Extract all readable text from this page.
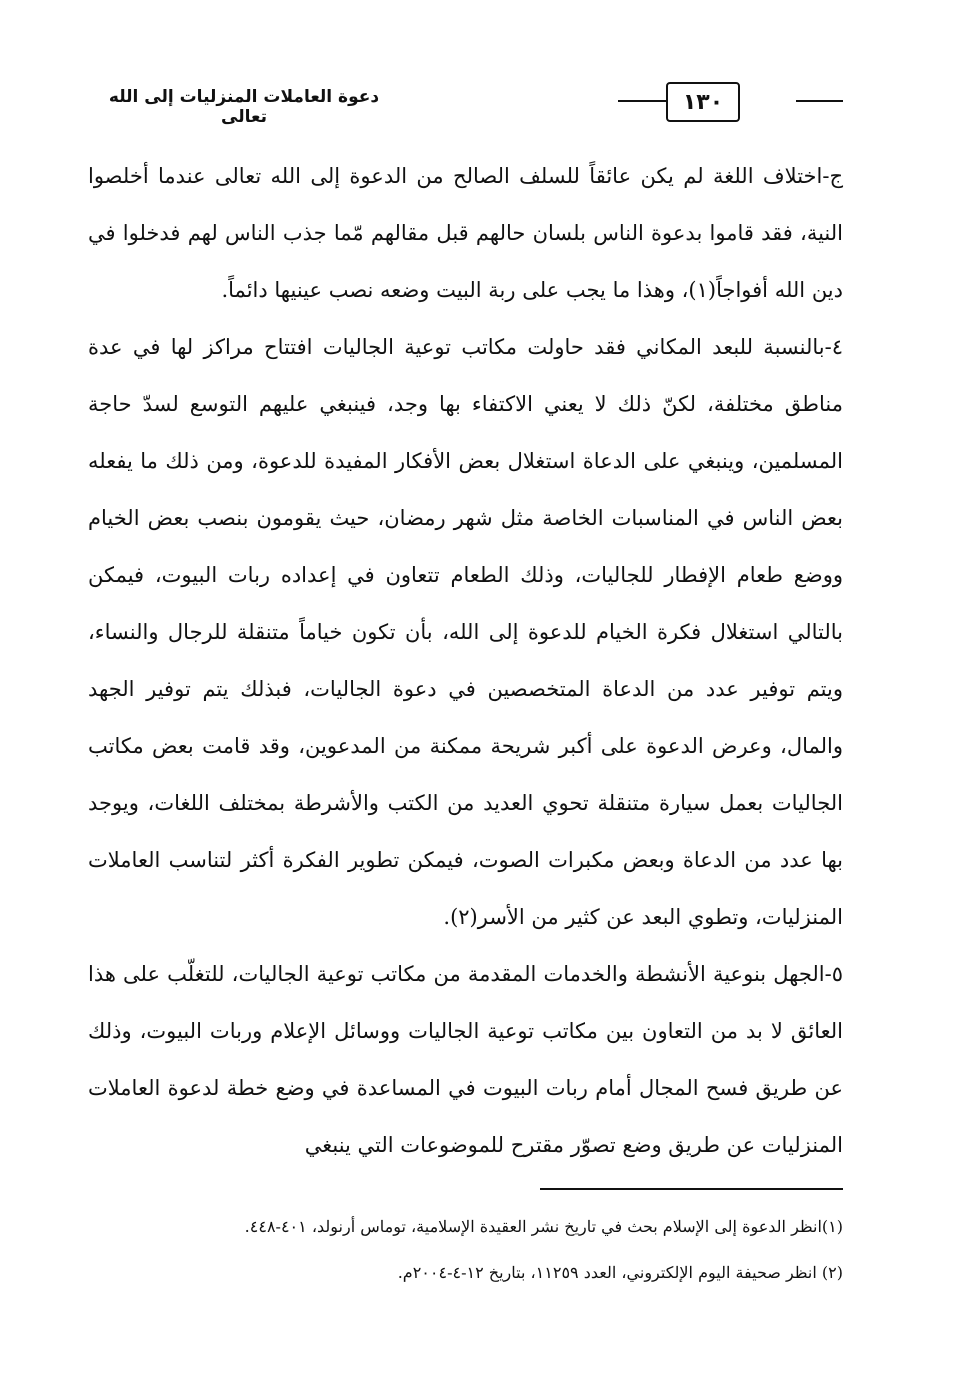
دعوة العاملات المنزليات إلى الله تعالى
١٣٠

ج-اختلاف اللغة لم يكن عائقاً للسلف الصالح من الدعوة إلى الله تعالى عندما أخلصوا النية، فقد قاموا بدعوة الناس بلسان حالهم قبل مقالهم مّما جذب الناس لهم فدخلوا في دين الله أفواجاً(١)، وهذا ما يجب على ربة البيت وضعه نصب عينيها دائماً.

٤-بالنسبة للبعد المكاني فقد حاولت مكاتب توعية الجاليات افتتاح مراكز لها في عدة مناطق مختلفة، لكنّ ذلك لا يعني الاكتفاء بها وجد، فينبغي عليهم التوسع لسدّ حاجة المسلمين، وينبغي على الدعاة استغلال بعض الأفكار المفيدة للدعوة، ومن ذلك ما يفعله بعض الناس في المناسبات الخاصة مثل شهر رمضان، حيث يقومون بنصب بعض الخيام ووضع طعام الإفطار للجاليات، وذلك الطعام تتعاون في إعداده ربات البيوت، فيمكن بالتالي استغلال فكرة الخيام للدعوة إلى الله، بأن تكون خياماً متنقلة للرجال والنساء، ويتم توفير عدد من الدعاة المتخصصين في دعوة الجاليات، فبذلك يتم توفير الجهد والمال، وعرض الدعوة على أكبر شريحة ممكنة من المدعوين، وقد قامت بعض مكاتب الجاليات بعمل سيارة متنقلة تحوي العديد من الكتب والأشرطة بمختلف اللغات، ويوجد بها عدد من الدعاة وبعض مكبرات الصوت، فيمكن تطوير الفكرة أكثر لتناسب العاملات المنزليات، وتطوي البعد عن كثير من الأسر(٢).

٥-الجهل بنوعية الأنشطة والخدمات المقدمة من مكاتب توعية الجاليات، للتغلّب على هذا العائق لا بد من التعاون بين مكاتب توعية الجاليات ووسائل الإعلام وربات البيوت، وذلك عن طريق فسح المجال أمام ربات البيوت في المساعدة في وضع خطة لدعوة العاملات المنزليات عن طريق وضع تصوّر مقترح للموضوعات التي ينبغي

(١)انظر الدعوة إلى الإسلام بحث في تاريخ نشر العقيدة الإسلامية، توماس أرنولد، ٤٠١-٤٤٨.

(٢) انظر صحيفة اليوم الإلكتروني، العدد ١١٢٥٩، بتاريخ ١٢-٤-٢٠٠٤م.
